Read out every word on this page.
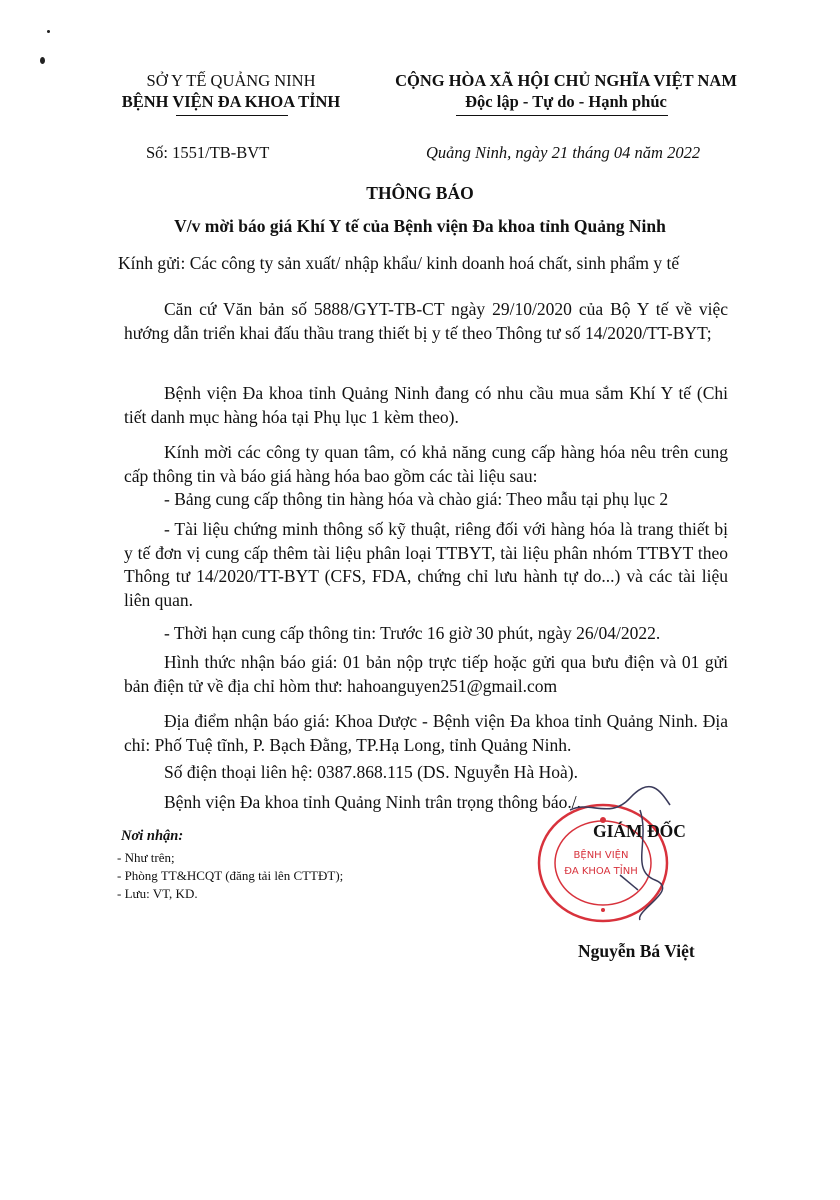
SỞ Y TẾ QUẢNG NINH
BỆNH VIỆN ĐA KHOA TỈNH
CỘNG HÒA XÃ HỘI CHỦ NGHĨA VIỆT NAM
Độc lập - Tự do - Hạnh phúc
Số: 1551/TB-BVT	Quảng Ninh, ngày 21 tháng 04 năm 2022
THÔNG BÁO
V/v mời báo giá Khí Y tế của Bệnh viện Đa khoa tỉnh Quảng Ninh
Kính gửi: Các công ty sản xuất/ nhập khẩu/ kinh doanh hoá chất, sinh phẩm y tế
Căn cứ Văn bản số 5888/GYT-TB-CT ngày 29/10/2020 của Bộ Y tế về việc hướng dẫn triển khai đấu thầu trang thiết bị y tế theo Thông tư số 14/2020/TT-BYT;
Bệnh viện Đa khoa tỉnh Quảng Ninh đang có nhu cầu mua sắm Khí Y tế (Chi tiết danh mục hàng hóa tại Phụ lục 1 kèm theo).
Kính mời các công ty quan tâm, có khả năng cung cấp hàng hóa nêu trên cung cấp thông tin và báo giá hàng hóa bao gồm các tài liệu sau:
- Bảng cung cấp thông tin hàng hóa và chào giá: Theo mẫu tại phụ lục 2
- Tài liệu chứng minh thông số kỹ thuật, riêng đối với hàng hóa là trang thiết bị y tế đơn vị cung cấp thêm tài liệu phân loại TTBYT, tài liệu phân nhóm TTBYT theo Thông tư 14/2020/TT-BYT (CFS, FDA, chứng chỉ lưu hành tự do...) và các tài liệu liên quan.
- Thời hạn cung cấp thông tin: Trước 16 giờ 30 phút, ngày 26/04/2022.
Hình thức nhận báo giá: 01 bản nộp trực tiếp hoặc gửi qua bưu điện và 01 gửi bản điện tử về địa chỉ hòm thư: hahoanguyen251@gmail.com
Địa điểm nhận báo giá: Khoa Dược - Bệnh viện Đa khoa tỉnh Quảng Ninh. Địa chỉ: Phố Tuệ tĩnh, P. Bạch Đằng, TP.Hạ Long, tỉnh Quảng Ninh.
Số điện thoại liên hệ: 0387.868.115 (DS. Nguyễn Hà Hoà).
Bệnh viện Đa khoa tỉnh Quảng Ninh trân trọng thông báo./.
Nơi nhận:
- Như trên;
- Phòng TT&HCQT (đăng tải lên CTTĐT);
- Lưu: VT, KD.
BỆNH VIỆN
ĐA KHOA TỈNH
GIÁM ĐỐC
Nguyễn Bá Việt
